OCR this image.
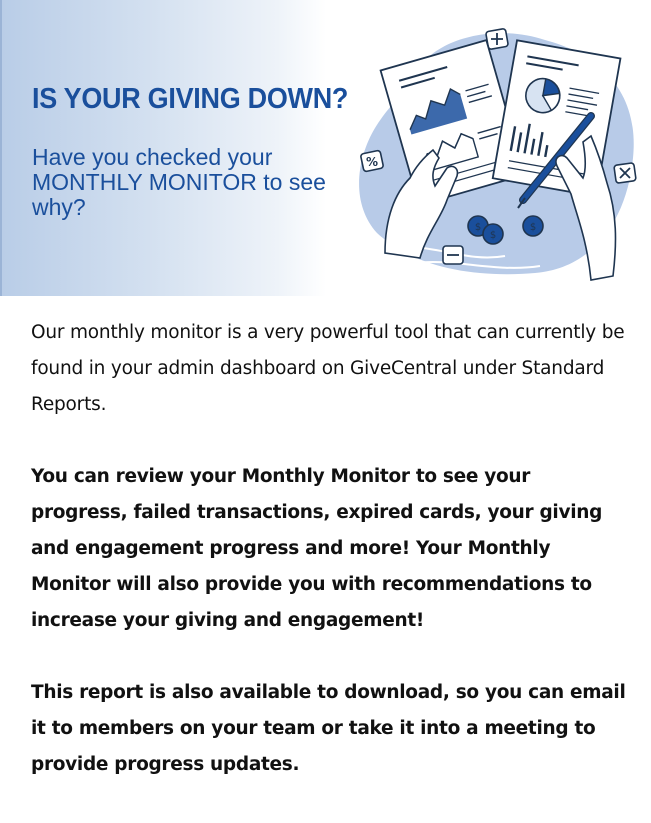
IS YOUR GIVING DOWN?
Have you checked your MONTHLY MONITOR to see why?
%
$
$
$

Our monthly monitor is a very powerful tool that can currently be found in your admin dashboard on GiveCentral under Standard Reports.

You can review your Monthly Monitor to see your progress, failed transactions, expired cards, your giving and engagement progress and more! Your Monthly Monitor will also provide you with recommendations to increase your giving and engagement!

This report is also available to download, so you can email it to members on your team or take it into a meeting to provide progress updates.
